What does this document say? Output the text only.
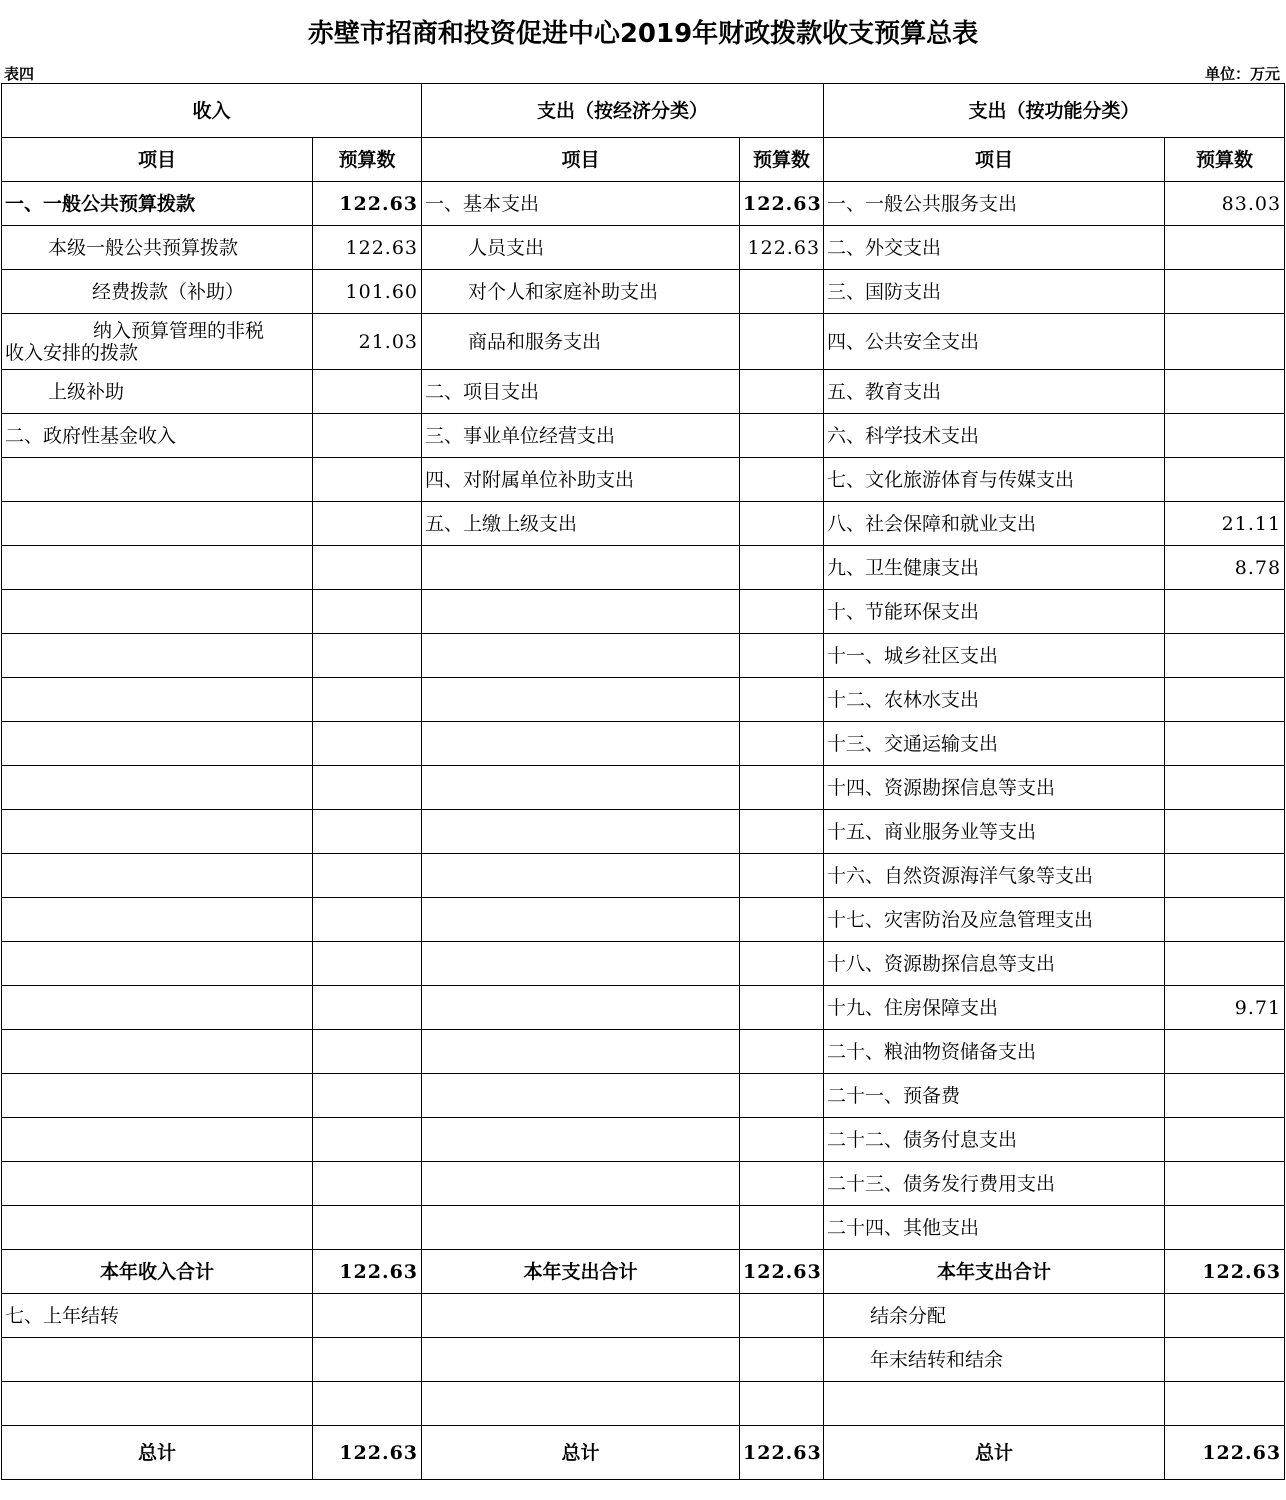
赤壁市招商和投资促进中心2019年财政拨款收支预算总表
表四	单位：万元
收入		支出（按经济分类）		支出（按功能分类）	
项目	预算数	项目	预算数	项目	预算数
一、一般公共预算拨款	122.63	一、基本支出	122.63	一、一般公共服务支出	83.03
本级一般公共预算拨款	122.63	人员支出	122.63	二、外交支出	
经费拨款（补助）	101.60	对个人和家庭补助支出		三、国防支出	

纳入预算管理的非税
收入安排的拨款	21.03	商品和服务支出		四、公共安全支出	
上级补助		二、项目支出		五、教育支出	
二、政府性基金收入		三、事业单位经营支出		六、科学技术支出	
		四、对附属单位补助支出		七、文化旅游体育与传媒支出	
		五、上缴上级支出		八、社会保障和就业支出	21.11
				九、卫生健康支出	8.78
				十、节能环保支出	
				十一、城乡社区支出	
				十二、农林水支出	
				十三、交通运输支出	
				十四、资源勘探信息等支出	
				十五、商业服务业等支出	
				十六、自然资源海洋气象等支出	
				十七、灾害防治及应急管理支出	
				十八、资源勘探信息等支出	
				十九、住房保障支出	9.71
				二十、粮油物资储备支出	
				二十一、预备费	
				二十二、债务付息支出	
				二十三、债务发行费用支出	
				二十四、其他支出	
本年收入合计	122.63	本年支出合计	122.63	本年支出合计	122.63
七、上年结转				结余分配	
				年末结转和结余	

总计	122.63	总计	122.63	总计	122.63
